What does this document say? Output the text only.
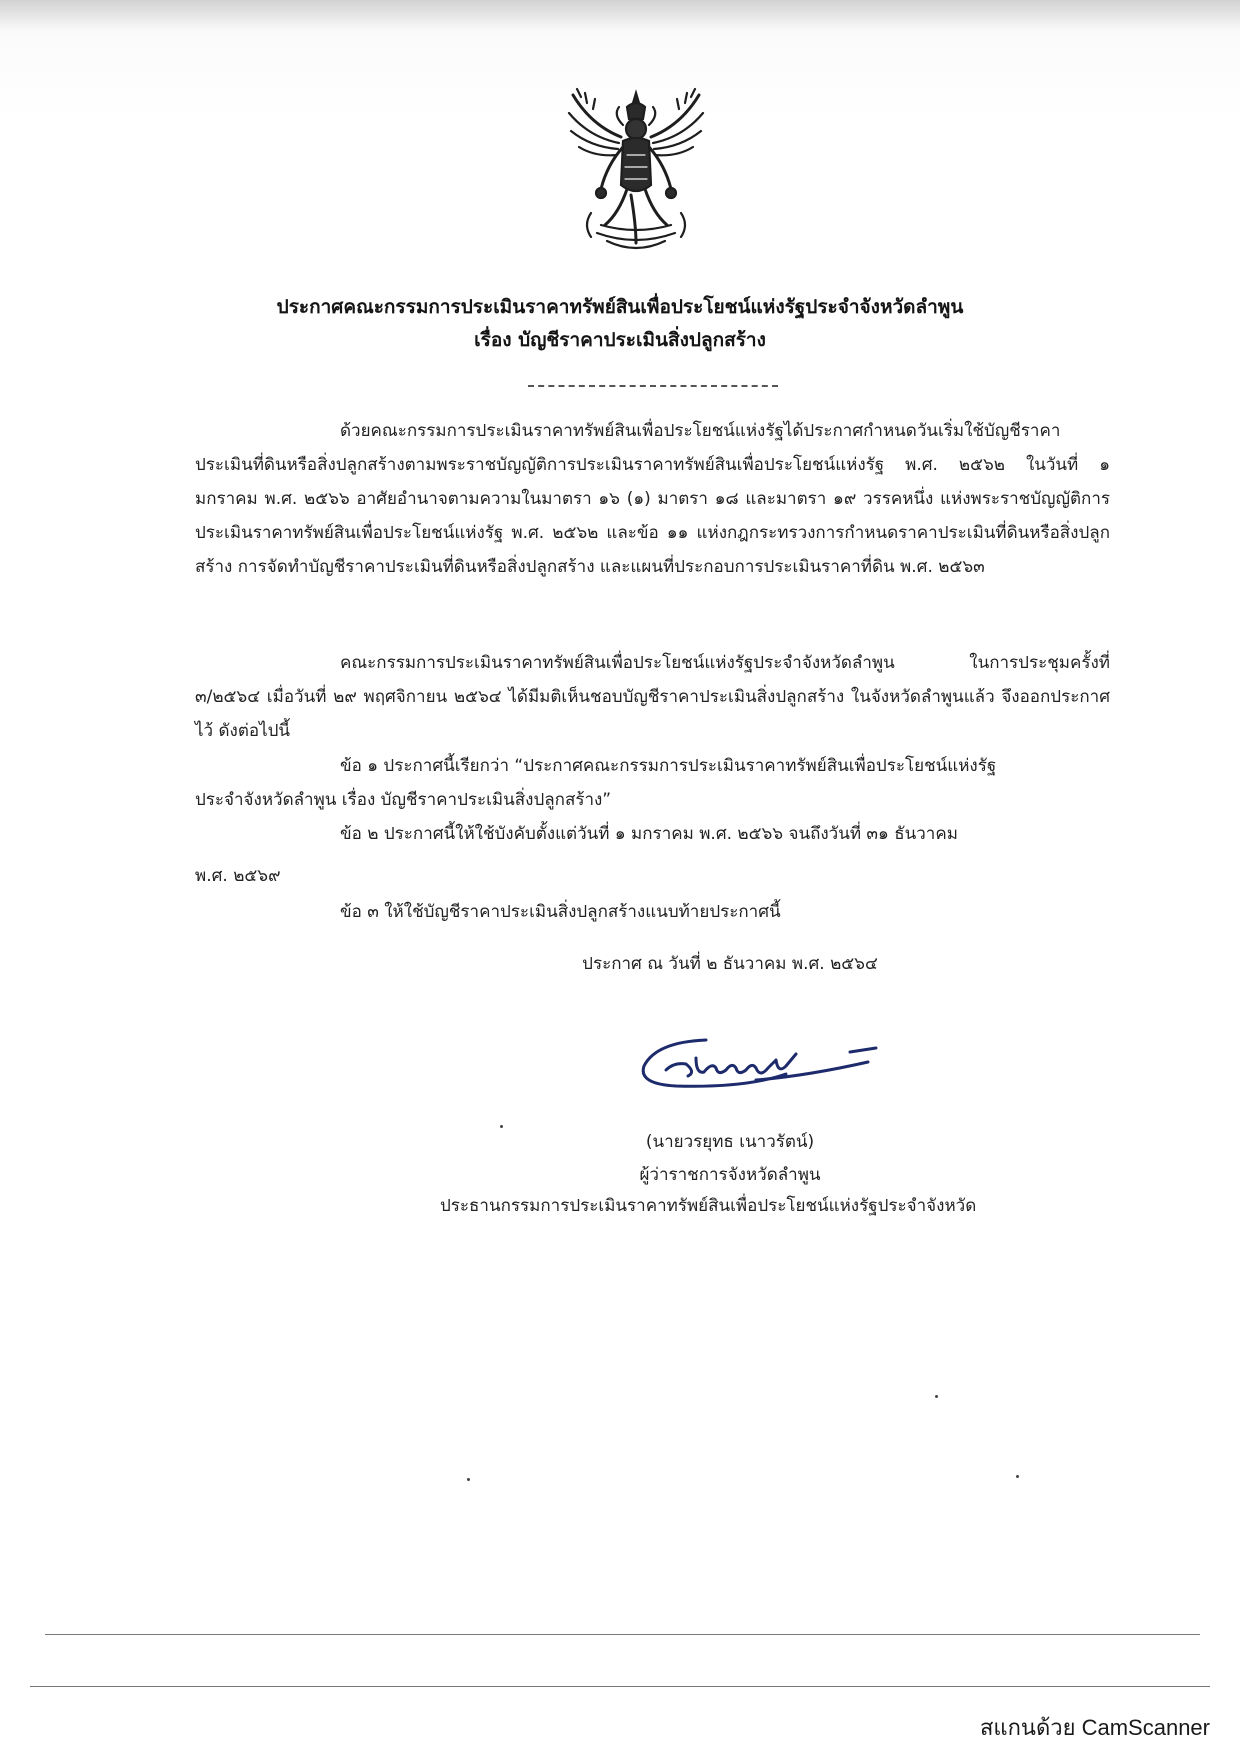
ประกาศคณะกรรมการประเมินราคาทรัพย์สินเพื่อประโยชน์แห่งรัฐประจำจังหวัดลำพูน
เรื่อง บัญชีราคาประเมินสิ่งปลูกสร้าง
ด้วยคณะกรรมการประเมินราคาทรัพย์สินเพื่อประโยชน์แห่งรัฐได้ประกาศกำหนดวันเริ่มใช้บัญชีราคาประเมินที่ดินหรือสิ่งปลูกสร้างตามพระราชบัญญัติการประเมินราคาทรัพย์สินเพื่อประโยชน์แห่งรัฐ พ.ศ. ๒๕๖๒ ในวันที่ ๑ มกราคม พ.ศ. ๒๕๖๖ อาศัยอำนาจตามความในมาตรา ๑๖ (๑) มาตรา ๑๘ และมาตรา ๑๙ วรรคหนึ่ง แห่งพระราชบัญญัติการประเมินราคาทรัพย์สินเพื่อประโยชน์แห่งรัฐ พ.ศ. ๒๕๖๒ และข้อ ๑๑ แห่งกฎกระทรวงการกำหนดราคาประเมินที่ดินหรือสิ่งปลูกสร้าง การจัดทำบัญชีราคาประเมินที่ดินหรือสิ่งปลูกสร้าง และแผนที่ประกอบการประเมินราคาที่ดิน พ.ศ. ๒๕๖๓
คณะกรรมการประเมินราคาทรัพย์สินเพื่อประโยชน์แห่งรัฐประจำจังหวัดลำพูน ในการประชุมครั้งที่ ๓/๒๕๖๔ เมื่อวันที่ ๒๙ พฤศจิกายน ๒๕๖๔ ได้มีมติเห็นชอบบัญชีราคาประเมินสิ่งปลูกสร้าง ในจังหวัดลำพูนแล้ว จึงออกประกาศไว้ ดังต่อไปนี้
ข้อ ๑ ประกาศนี้เรียกว่า “ประกาศคณะกรรมการประเมินราคาทรัพย์สินเพื่อประโยชน์แห่งรัฐ
ประจำจังหวัดลำพูน เรื่อง บัญชีราคาประเมินสิ่งปลูกสร้าง”
ข้อ ๒ ประกาศนี้ให้ใช้บังคับตั้งแต่วันที่ ๑ มกราคม พ.ศ. ๒๕๖๖ จนถึงวันที่ ๓๑ ธันวาคม
พ.ศ. ๒๕๖๙
ข้อ ๓ ให้ใช้บัญชีราคาประเมินสิ่งปลูกสร้างแนบท้ายประกาศนี้
ประกาศ ณ วันที่ ๒ ธันวาคม พ.ศ. ๒๕๖๔
(นายวรยุทธ เนาวรัตน์)
ผู้ว่าราชการจังหวัดลำพูน
ประธานกรรมการประเมินราคาทรัพย์สินเพื่อประโยชน์แห่งรัฐประจำจังหวัด
สแกนด้วย CamScanner
